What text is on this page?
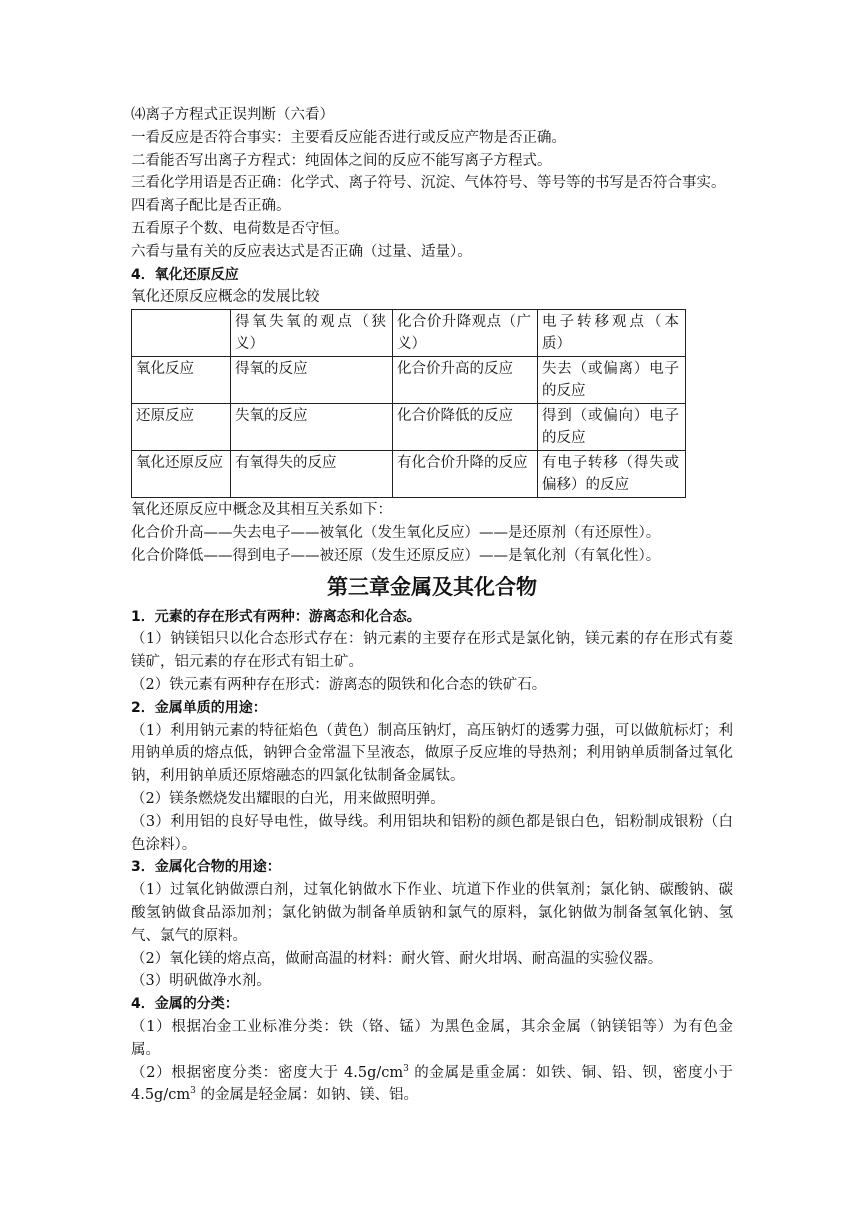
⑷离子方程式正误判断（六看）
一看反应是否符合事实：主要看反应能否进行或反应产物是否正确。
二看能否写出离子方程式：纯固体之间的反应不能写离子方程式。
三看化学用语是否正确：化学式、离子符号、沉淀、气体符号、等号等的书写是否符合事实。
四看离子配比是否正确。
五看原子个数、电荷数是否守恒。
六看与量有关的反应表达式是否正确（过量、适量）。
4．氧化还原反应
氧化还原反应概念的发展比较
	得氧失氧的观点（狭义）	化合价升降观点（广义）	电子转移观点（本质）
氧化反应	得氧的反应	化合价升高的反应	失去（或偏离）电子的反应
还原反应	失氧的反应	化合价降低的反应	得到（或偏向）电子的反应
氧化还原反应	有氧得失的反应	有化合价升降的反应	有电子转移（得失或偏移）的反应
氧化还原反应中概念及其相互关系如下：
化合价升高——失去电子——被氧化（发生氧化反应）——是还原剂（有还原性）。
化合价降低——得到电子——被还原（发生还原反应）——是氧化剂（有氧化性）。
第三章金属及其化合物
1．元素的存在形式有两种：游离态和化合态。
（1）钠镁铝只以化合态形式存在：钠元素的主要存在形式是氯化钠，镁元素的存在形式有菱镁矿，铝元素的存在形式有铝土矿。
（2）铁元素有两种存在形式：游离态的陨铁和化合态的铁矿石。
2．金属单质的用途：
（1）利用钠元素的特征焰色（黄色）制高压钠灯，高压钠灯的透雾力强，可以做航标灯；利用钠单质的熔点低，钠钾合金常温下呈液态，做原子反应堆的导热剂；利用钠单质制备过氧化钠，利用钠单质还原熔融态的四氯化钛制备金属钛。
（2）镁条燃烧发出耀眼的白光，用来做照明弹。
（3）利用铝的良好导电性，做导线。利用铝块和铝粉的颜色都是银白色，铝粉制成银粉（白色涂料）。
3．金属化合物的用途：
（1）过氧化钠做漂白剂，过氧化钠做水下作业、坑道下作业的供氧剂；氯化钠、碳酸钠、碳酸氢钠做食品添加剂；氯化钠做为制备单质钠和氯气的原料，氯化钠做为制备氢氧化钠、氢气、氯气的原料。
（2）氧化镁的熔点高，做耐高温的材料：耐火管、耐火坩埚、耐高温的实验仪器。
（3）明矾做净水剂。
4．金属的分类：
（1）根据冶金工业标准分类：铁（铬、锰）为黑色金属，其余金属（钠镁铝等）为有色金属。
（2）根据密度分类：密度大于 $4.5g/cm^3$ 的金属是重金属：如铁、铜、铅、钡，密度小于 $4.5g/cm^3$ 的金属是轻金属：如钠、镁、铝。
